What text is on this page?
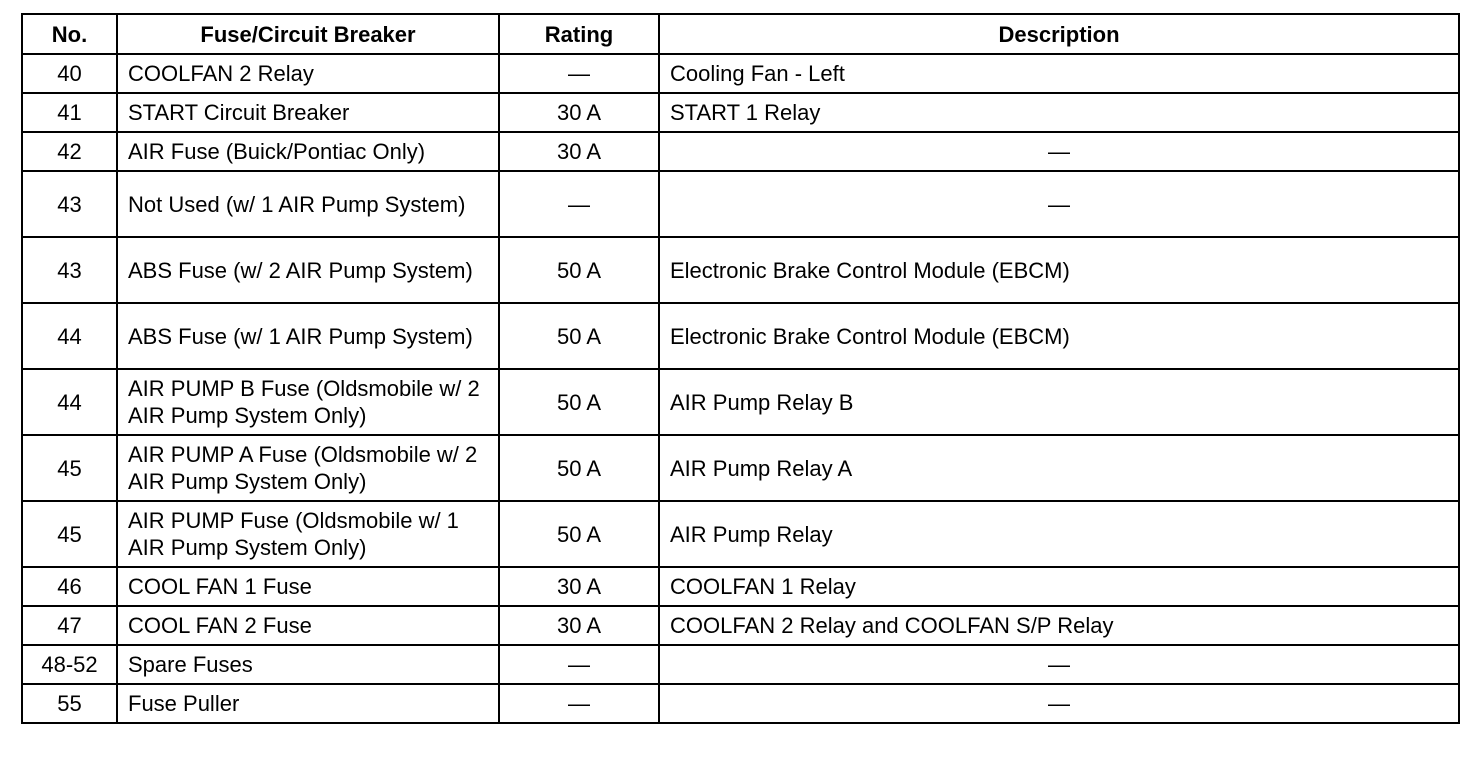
No.	Fuse/Circuit Breaker	Rating	Description
40	COOLFAN 2 Relay	—	Cooling Fan - Left
41	START Circuit Breaker	30 A	START 1 Relay
42	AIR Fuse (Buick/Pontiac Only)	30 A	—
43	Not Used (w/ 1 AIR Pump System)	—	—
43	ABS Fuse (w/ 2 AIR Pump System)	50 A	Electronic Brake Control Module (EBCM)
44	ABS Fuse (w/ 1 AIR Pump System)	50 A	Electronic Brake Control Module (EBCM)
44	AIR PUMP B Fuse (Oldsmobile w/ 2 AIR Pump System Only)	50 A	AIR Pump Relay B
45	AIR PUMP A Fuse (Oldsmobile w/ 2 AIR Pump System Only)	50 A	AIR Pump Relay A
45	AIR PUMP Fuse (Oldsmobile w/ 1 AIR Pump System Only)	50 A	AIR Pump Relay
46	COOL FAN 1 Fuse	30 A	COOLFAN 1 Relay
47	COOL FAN 2 Fuse	30 A	COOLFAN 2 Relay and COOLFAN S/P Relay
48-52	Spare Fuses	—	—
55	Fuse Puller	—	—
